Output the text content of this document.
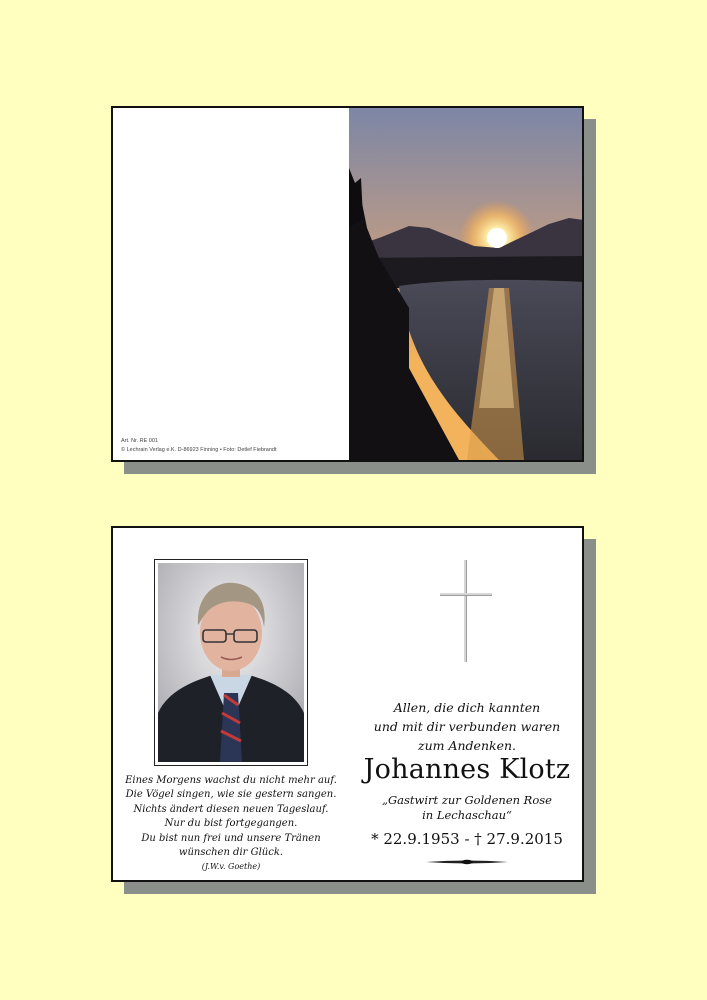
Art. Nr. RE 001
© Lechrain Verlag e.K. D-86923 Finning • Foto: Detlef Fiebrandt
Eines Morgens wachst du nicht mehr auf.
Die Vögel singen, wie sie gestern sangen.
Nichts ändert diesen neuen Tageslauf.
Nur du bist fortgegangen.
Du bist nun frei und unsere Tränen
wünschen dir Glück.
(J.W.v. Goethe)
Allen, die dich kannten
und mit dir verbunden waren
zum Andenken.
Johannes Klotz
„Gastwirt zur Goldenen Rose
in Lechaschau“
* 22.9.1953 - † 27.9.2015
